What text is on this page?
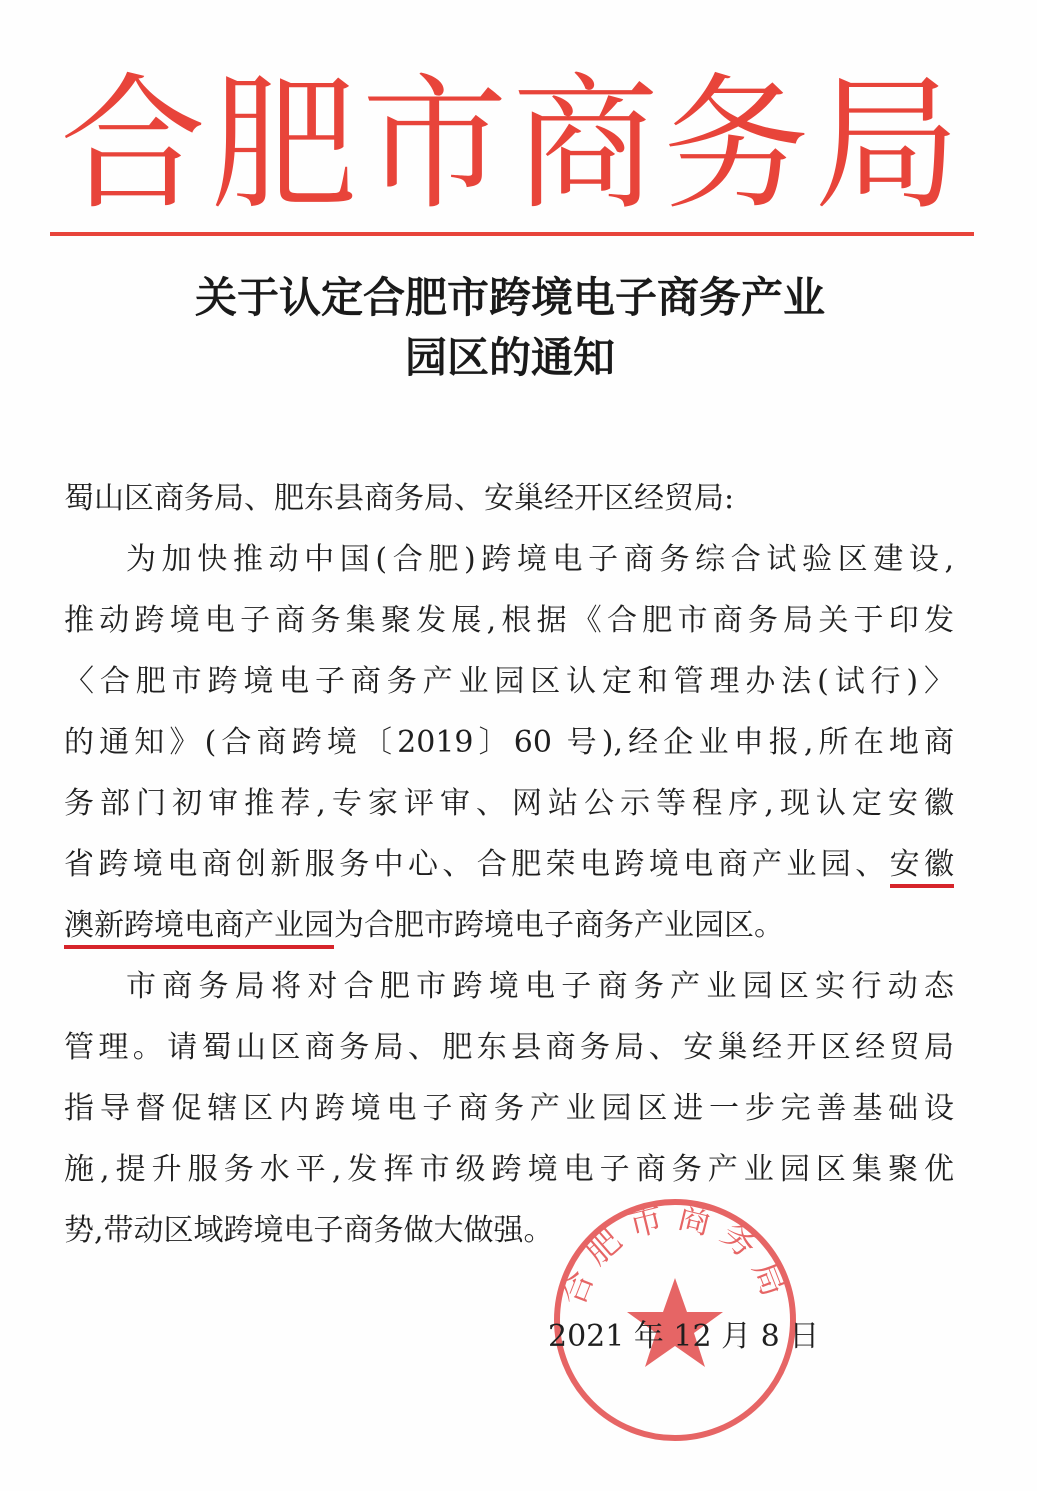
合 肥 市 商 务 局
关于认定合肥市跨境电子商务产业
园区的通知
蜀山区商务局、肥东县商务局、安巢经开区经贸局:
为加快推动中国(合肥)跨境电子商务综合试验区建设,
推动跨境电子商务集聚发展,根据《合肥市商务局关于印发
〈合肥市跨境电子商务产业园区认定和管理办法(试行)〉
的通知》(合商跨境〔2019〕60 号),经企业申报,所在地商
务部门初审推荐,专家评审、网站公示等程序,现认定安徽
省跨境电商创新服务中心、合肥荣电跨境电商产业园、安徽
澳新跨境电商产业园为合肥市跨境电子商务产业园区。
市商务局将对合肥市跨境电子商务产业园区实行动态
管理。请蜀山区商务局、肥东县商务局、安巢经开区经贸局
指导督促辖区内跨境电子商务产业园区进一步完善基础设
施,提升服务水平,发挥市级跨境电子商务产业园区集聚优
势,带动区域跨境电子商务做大做强。
合肥市商务局
2021 年 12 月 8 日
